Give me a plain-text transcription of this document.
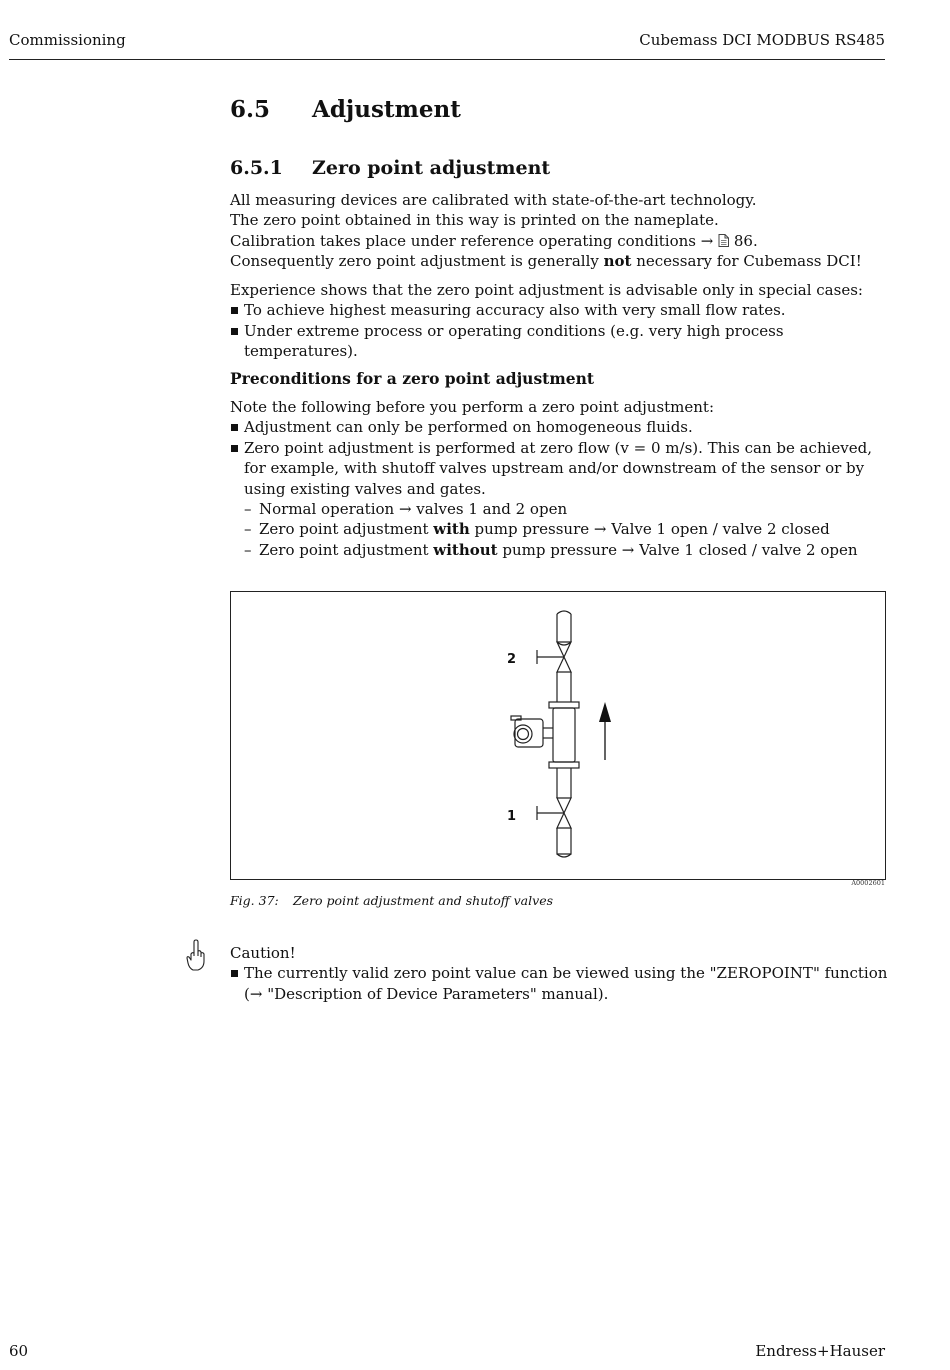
Commissioning	Cubemass DCI MODBUS RS485
6.5 Adjustment
6.5.1 Zero point adjustment

All measuring devices are calibrated with state-of-the-art technology.

The zero point obtained in this way is printed on the nameplate.

Calibration takes place under reference operating conditions →  86.

Consequently zero point adjustment is generally not necessary for Cubemass DCI!

Experience shows that the zero point adjustment is advisable only in special cases:

To achieve highest measuring accuracy also with very small flow rates.

Under extreme process or operating conditions (e.g. very high process temperatures).

Preconditions for a zero point adjustment

Note the following before you perform a zero point adjustment:

Adjustment can only be performed on homogeneous fluids.

Zero point adjustment is performed at zero flow (v = 0 m/s). This can be achieved, for example, with shutoff valves upstream and/or downstream of the sensor or by using existing valves and gates.

– Normal operation → valves 1 and 2 open

– Zero point adjustment with pump pressure → Valve 1 open / valve 2 closed

– Zero point adjustment without pump pressure → Valve 1 closed / valve 2 open

2
1
A0002601
Fig. 37: Zero point adjustment and shutoff valves

Caution!

The currently valid zero point value can be viewed using the "ZEROPOINT" function
(→ "Description of Device Parameters" manual).

60	Endress+Hauser
